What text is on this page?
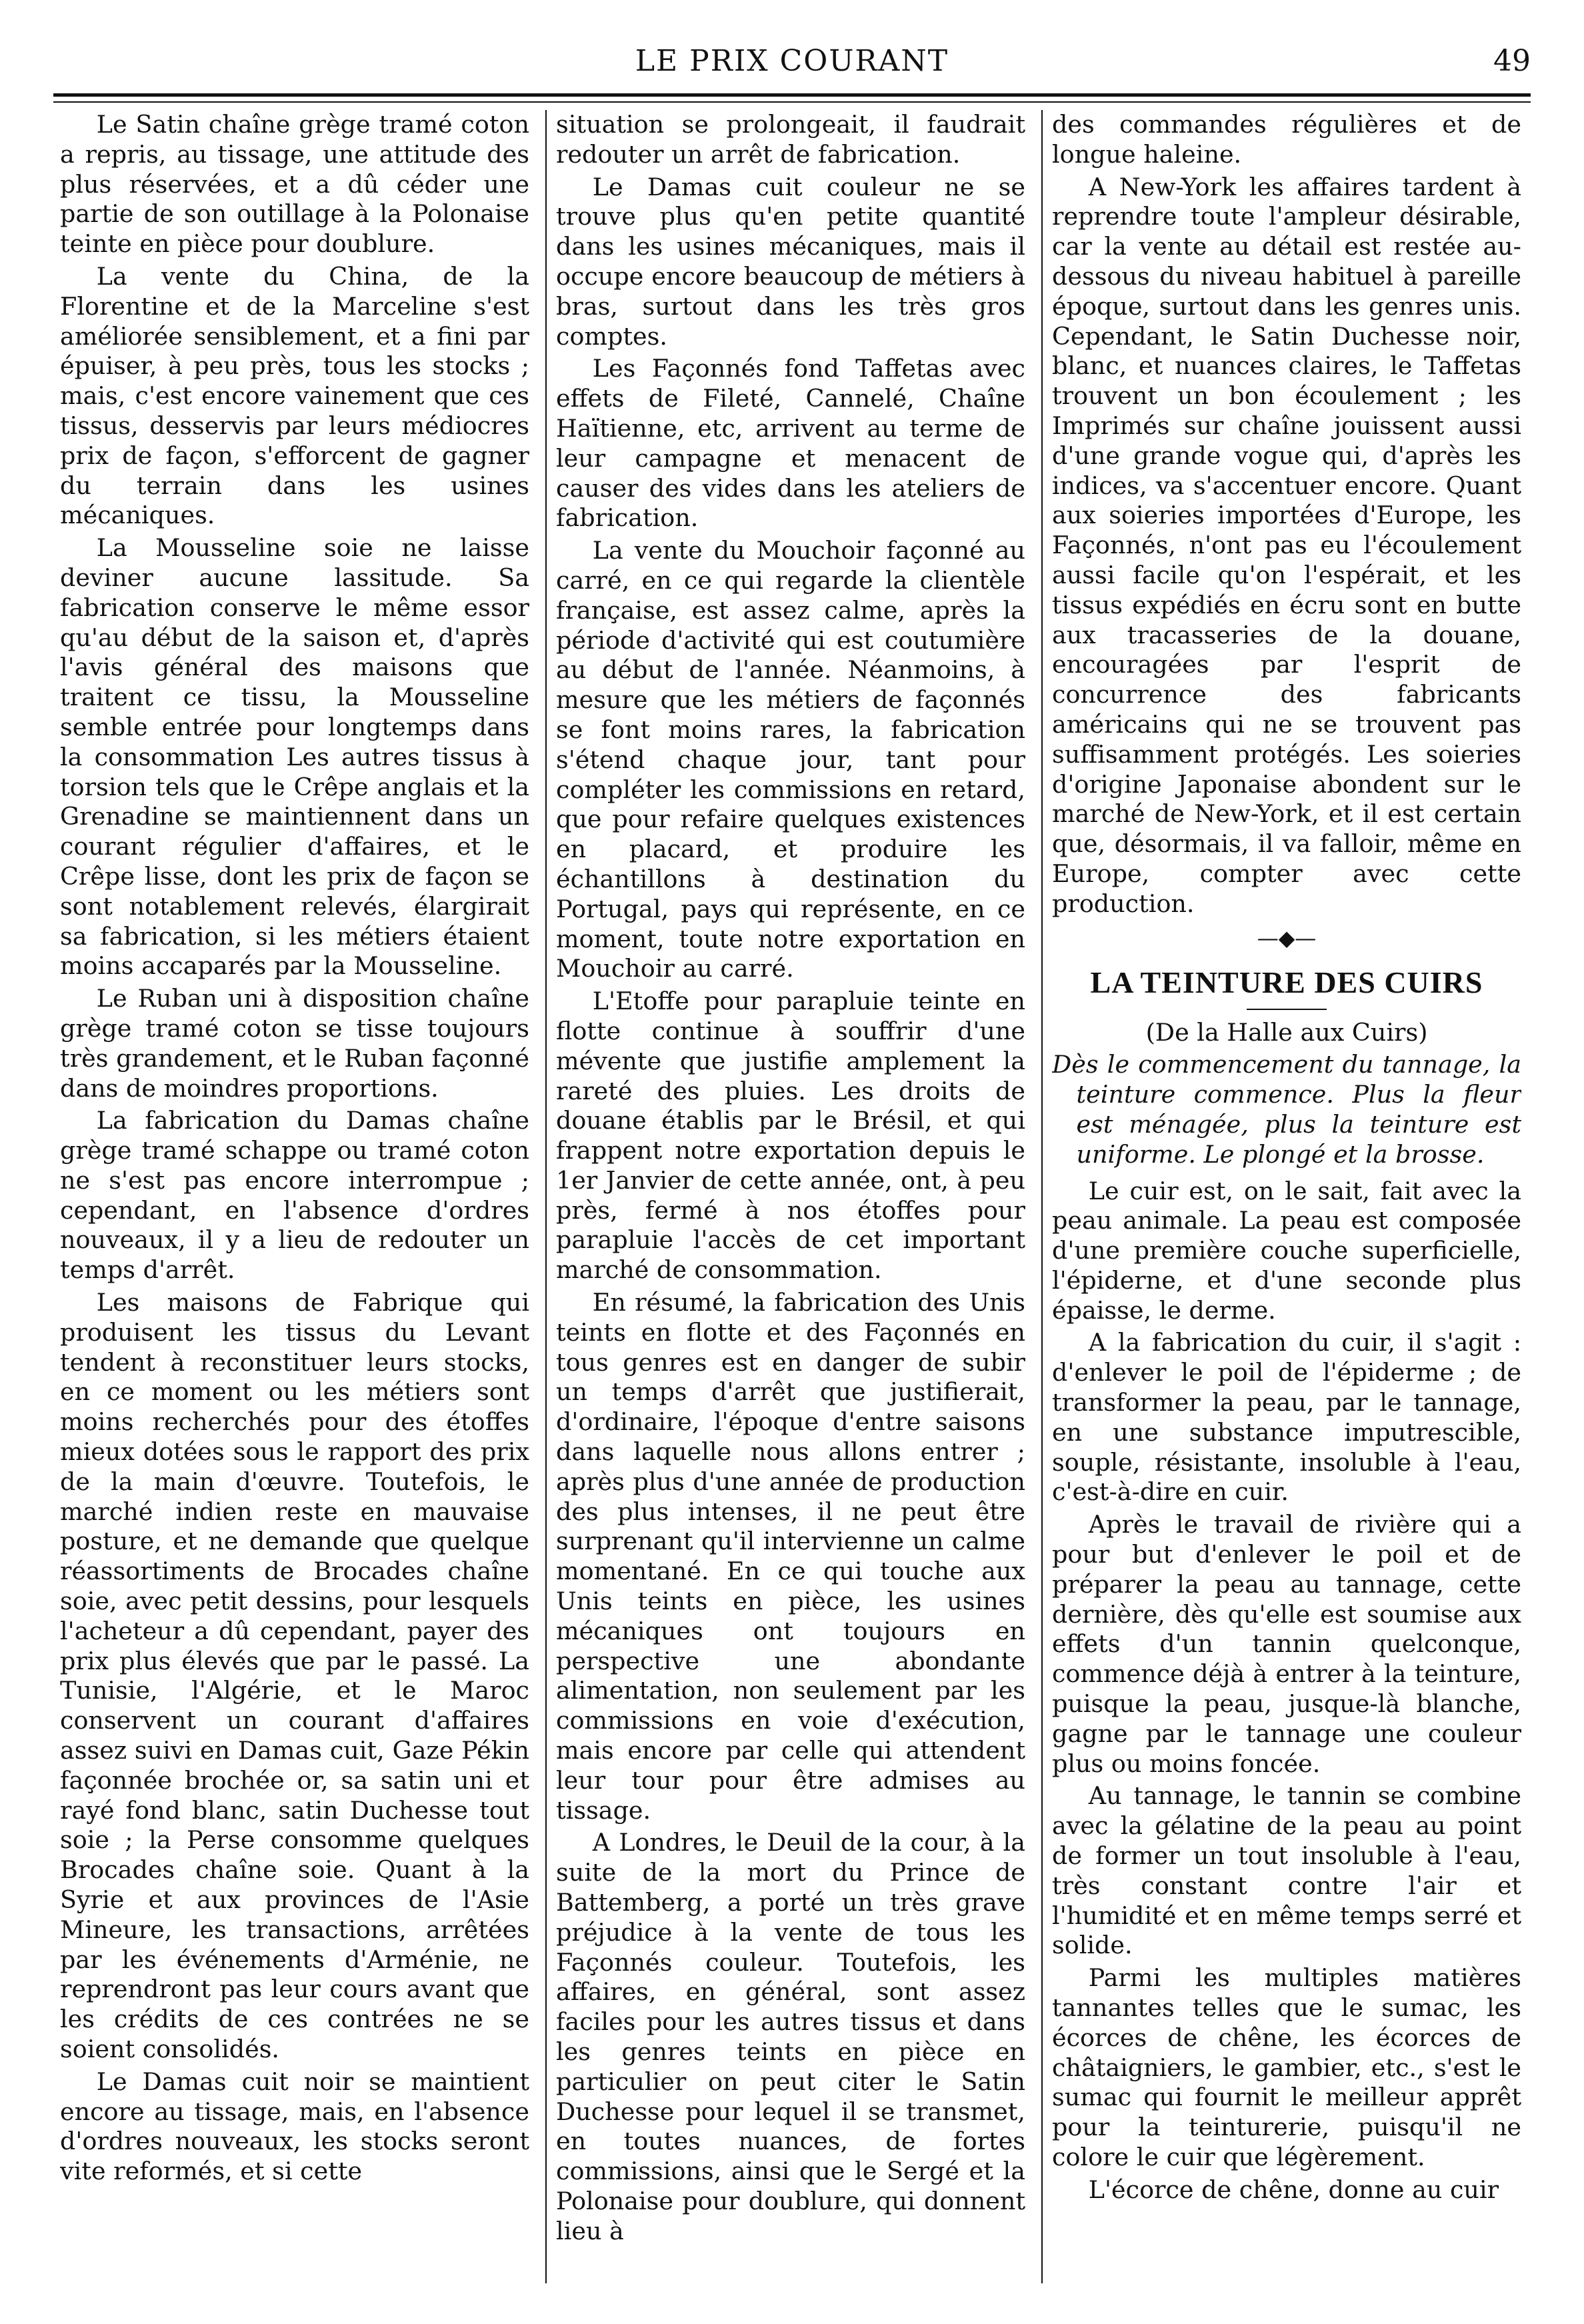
LE PRIX COURANT	49

Le Satin chaîne grège tramé coton a repris, au tissage, une attitude des plus réservées, et a dû céder une partie de son outillage à la Polonaise teinte en pièce pour doublure.

La vente du China, de la Florentine et de la Marceline s'est améliorée sensiblement, et a fini par épuiser, à peu près, tous les stocks ; mais, c'est encore vainement que ces tissus, desservis par leurs médiocres prix de façon, s'efforcent de gagner du terrain dans les usines mécaniques.

La Mousseline soie ne laisse deviner aucune lassitude. Sa fabrication conserve le même essor qu'au début de la saison et, d'après l'avis général des maisons que traitent ce tissu, la Mousseline semble entrée pour longtemps dans la consommation Les autres tissus à torsion tels que le Crêpe anglais et la Grenadine se maintiennent dans un courant régulier d'affaires, et le Crêpe lisse, dont les prix de façon se sont notablement relevés, élargirait sa fabrication, si les métiers étaient moins accaparés par la Mousseline.

Le Ruban uni à disposition chaîne grège tramé coton se tisse toujours très grandement, et le Ruban façonné dans de moindres proportions.

La fabrication du Damas chaîne grège tramé schappe ou tramé coton ne s'est pas encore interrompue ; cependant, en l'absence d'ordres nouveaux, il y a lieu de redouter un temps d'arrêt.

Les maisons de Fabrique qui produisent les tissus du Levant tendent à reconstituer leurs stocks, en ce moment ou les métiers sont moins recherchés pour des étoffes mieux dotées sous le rapport des prix de la main d'œuvre. Toutefois, le marché indien reste en mauvaise posture, et ne demande que quelque réassortiments de Brocades chaîne soie, avec petit dessins, pour lesquels l'acheteur a dû cependant, payer des prix plus élevés que par le passé. La Tunisie, l'Algérie, et le Maroc conservent un courant d'affaires assez suivi en Damas cuit, Gaze Pékin façonnée brochée or, sa satin uni et rayé fond blanc, satin Duchesse tout soie ; la Perse consomme quelques Brocades chaîne soie. Quant à la Syrie et aux provinces de l'Asie Mineure, les transactions, arrêtées par les événements d'Arménie, ne reprendront pas leur cours avant que les crédits de ces contrées ne se soient consolidés.

Le Damas cuit noir se maintient encore au tissage, mais, en l'absence d'ordres nouveaux, les stocks seront vite reformés, et si cette

situation se prolongeait, il faudrait redouter un arrêt de fabrication.

Le Damas cuit couleur ne se trouve plus qu'en petite quantité dans les usines mécaniques, mais il occupe encore beaucoup de métiers à bras, surtout dans les très gros comptes.

Les Façonnés fond Taffetas avec effets de Fileté, Cannelé, Chaîne Haïtienne, etc, arrivent au terme de leur campagne et menacent de causer des vides dans les ateliers de fabrication.

La vente du Mouchoir façonné au carré, en ce qui regarde la clientèle française, est assez calme, après la période d'activité qui est coutumière au début de l'année. Néanmoins, à mesure que les métiers de façonnés se font moins rares, la fabrication s'étend chaque jour, tant pour compléter les commissions en retard, que pour refaire quelques existences en placard, et produire les échantillons à destination du Portugal, pays qui représente, en ce moment, toute notre exportation en Mouchoir au carré.

L'Etoffe pour parapluie teinte en flotte continue à souffrir d'une mévente que justifie amplement la rareté des pluies. Les droits de douane établis par le Brésil, et qui frappent notre exportation depuis le 1er Janvier de cette année, ont, à peu près, fermé à nos étoffes pour parapluie l'accès de cet important marché de consommation.

En résumé, la fabrication des Unis teints en flotte et des Façonnés en tous genres est en danger de subir un temps d'arrêt que justifierait, d'ordinaire, l'époque d'entre saisons dans laquelle nous allons entrer ; après plus d'une année de production des plus intenses, il ne peut être surprenant qu'il intervienne un calme momentané. En ce qui touche aux Unis teints en pièce, les usines mécaniques ont toujours en perspective une abondante alimentation, non seulement par les commissions en voie d'exécution, mais encore par celle qui attendent leur tour pour être admises au tissage.

A Londres, le Deuil de la cour, à la suite de la mort du Prince de Battemberg, a porté un très grave préjudice à la vente de tous les Façonnés couleur. Toutefois, les affaires, en général, sont assez faciles pour les autres tissus et dans les genres teints en pièce en particulier on peut citer le Satin Duchesse pour lequel il se transmet, en toutes nuances, de fortes commissions, ainsi que le Sergé et la Polonaise pour doublure, qui donnent lieu à

des commandes régulières et de longue haleine.

A New-York les affaires tardent à reprendre toute l'ampleur désirable, car la vente au détail est restée au-dessous du niveau habituel à pareille époque, surtout dans les genres unis. Cependant, le Satin Duchesse noir, blanc, et nuances claires, le Taffetas trouvent un bon écoulement ; les Imprimés sur chaîne jouissent aussi d'une grande vogue qui, d'après les indices, va s'accentuer encore. Quant aux soieries importées d'Europe, les Façonnés, n'ont pas eu l'écoulement aussi facile qu'on l'espérait, et les tissus expédiés en écru sont en butte aux tracasseries de la douane, encouragées par l'esprit de concurrence des fabricants américains qui ne se trouvent pas suffisamment protégés. Les soieries d'origine Japonaise abondent sur le marché de New-York, et il est certain que, désormais, il va falloir, même en Europe, compter avec cette production.

—◆—
LA TEINTURE DES CUIRS

(De la Halle aux Cuirs)

Dès le commencement du tannage, la teinture commence. Plus la fleur est ménagée, plus la teinture est uniforme. Le plongé et la brosse.

Le cuir est, on le sait, fait avec la peau animale. La peau est composée d'une première couche superficielle, l'épiderne, et d'une seconde plus épaisse, le derme.

A la fabrication du cuir, il s'agit : d'enlever le poil de l'épiderme ; de transformer la peau, par le tannage, en une substance imputrescible, souple, résistante, insoluble à l'eau, c'est-à-dire en cuir.

Après le travail de rivière qui a pour but d'enlever le poil et de préparer la peau au tannage, cette dernière, dès qu'elle est soumise aux effets d'un tannin quelconque, commence déjà à entrer à la teinture, puisque la peau, jusque-là blanche, gagne par le tannage une couleur plus ou moins foncée.

Au tannage, le tannin se combine avec la gélatine de la peau au point de former un tout insoluble à l'eau, très constant contre l'air et l'humidité et en même temps serré et solide.

Parmi les multiples matières tannantes telles que le sumac, les écorces de chêne, les écorces de châtaigniers, le gambier, etc., s'est le sumac qui fournit le meilleur apprêt pour la teinturerie, puisqu'il ne colore le cuir que légèrement.

L'écorce de chêne, donne au cuir
